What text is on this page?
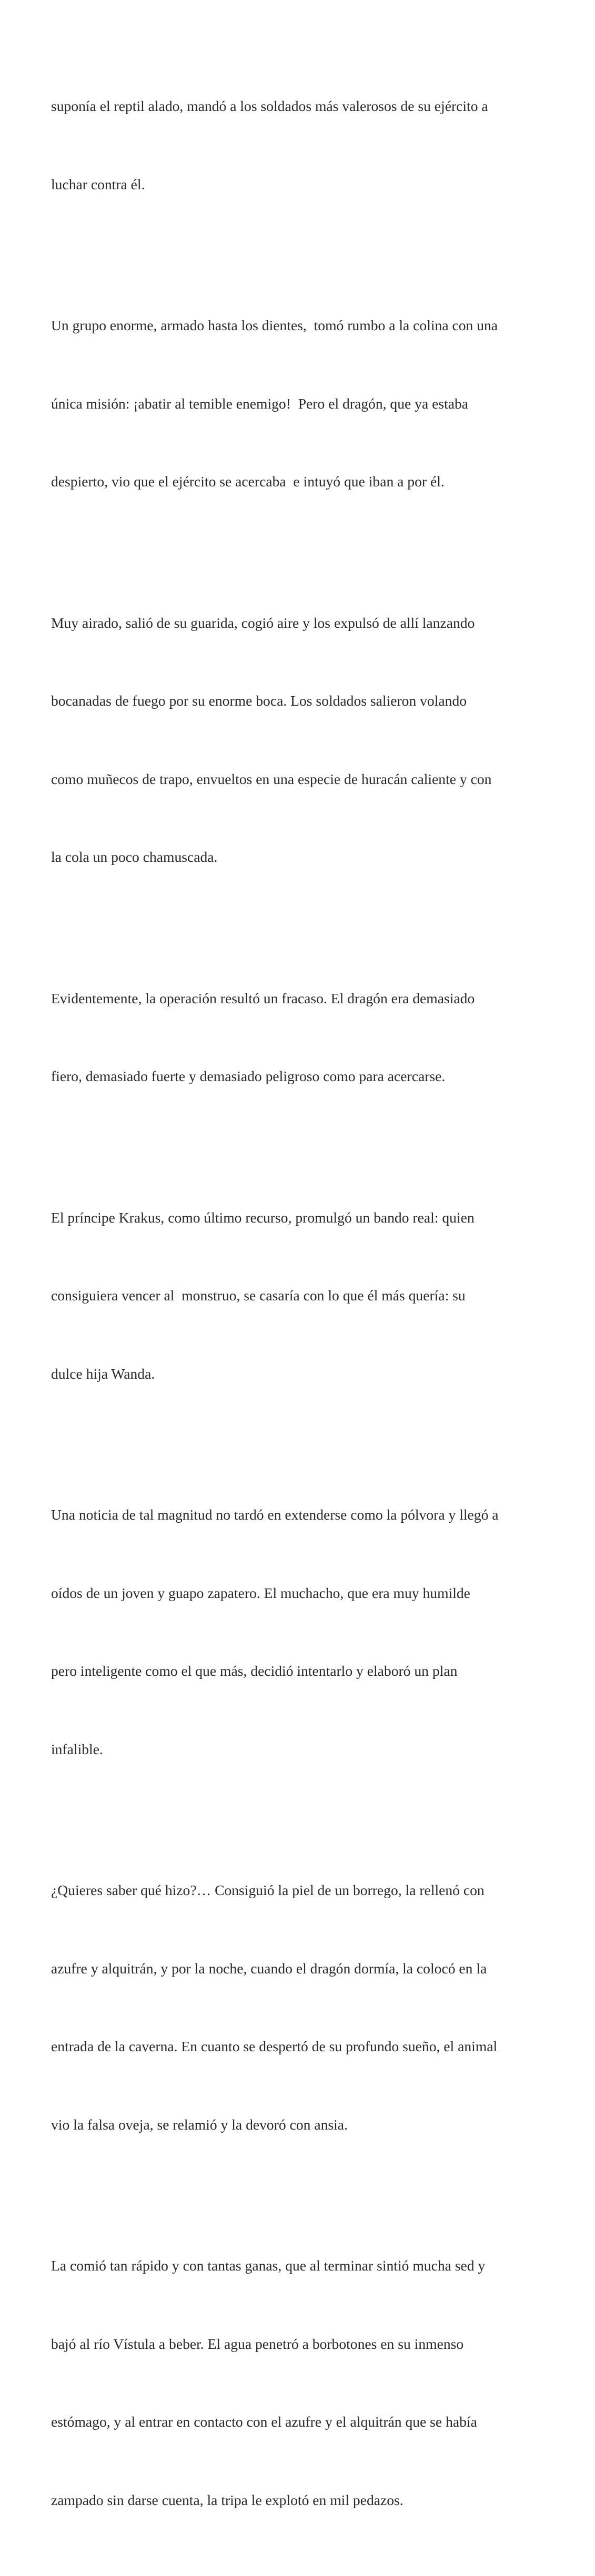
suponía el reptil alado, mandó a los soldados más valerosos de su ejército a

luchar contra él.

Un grupo enorme, armado hasta los dientes,  tomó rumbo a la colina con una

única misión: ¡abatir al temible enemigo!  Pero el dragón, que ya estaba

despierto, vio que el ejército se acercaba  e intuyó que iban a por él.

Muy airado, salió de su guarida, cogió aire y los expulsó de allí lanzando

bocanadas de fuego por su enorme boca. Los soldados salieron volando

como muñecos de trapo, envueltos en una especie de huracán caliente y con

la cola un poco chamuscada.

Evidentemente, la operación resultó un fracaso. El dragón era demasiado

fiero, demasiado fuerte y demasiado peligroso como para acercarse.

El príncipe Krakus, como último recurso, promulgó un bando real: quien

consiguiera vencer al  monstruo, se casaría con lo que él más quería: su

dulce hija Wanda.

Una noticia de tal magnitud no tardó en extenderse como la pólvora y llegó a

oídos de un joven y guapo zapatero. El muchacho, que era muy humilde

pero inteligente como el que más, decidió intentarlo y elaboró un plan

infalible.

¿Quieres saber qué hizo?… Consiguió la piel de un borrego, la rellenó con

azufre y alquitrán, y por la noche, cuando el dragón dormía, la colocó en la

entrada de la caverna. En cuanto se despertó de su profundo sueño, el animal

vio la falsa oveja, se relamió y la devoró con ansia.

La comió tan rápido y con tantas ganas, que al terminar sintió mucha sed y

bajó al río Vístula a beber. El agua penetró a borbotones en su inmenso

estómago, y al entrar en contacto con el azufre y el alquitrán que se había

zampado sin darse cuenta, la tripa le explotó en mil pedazos.
